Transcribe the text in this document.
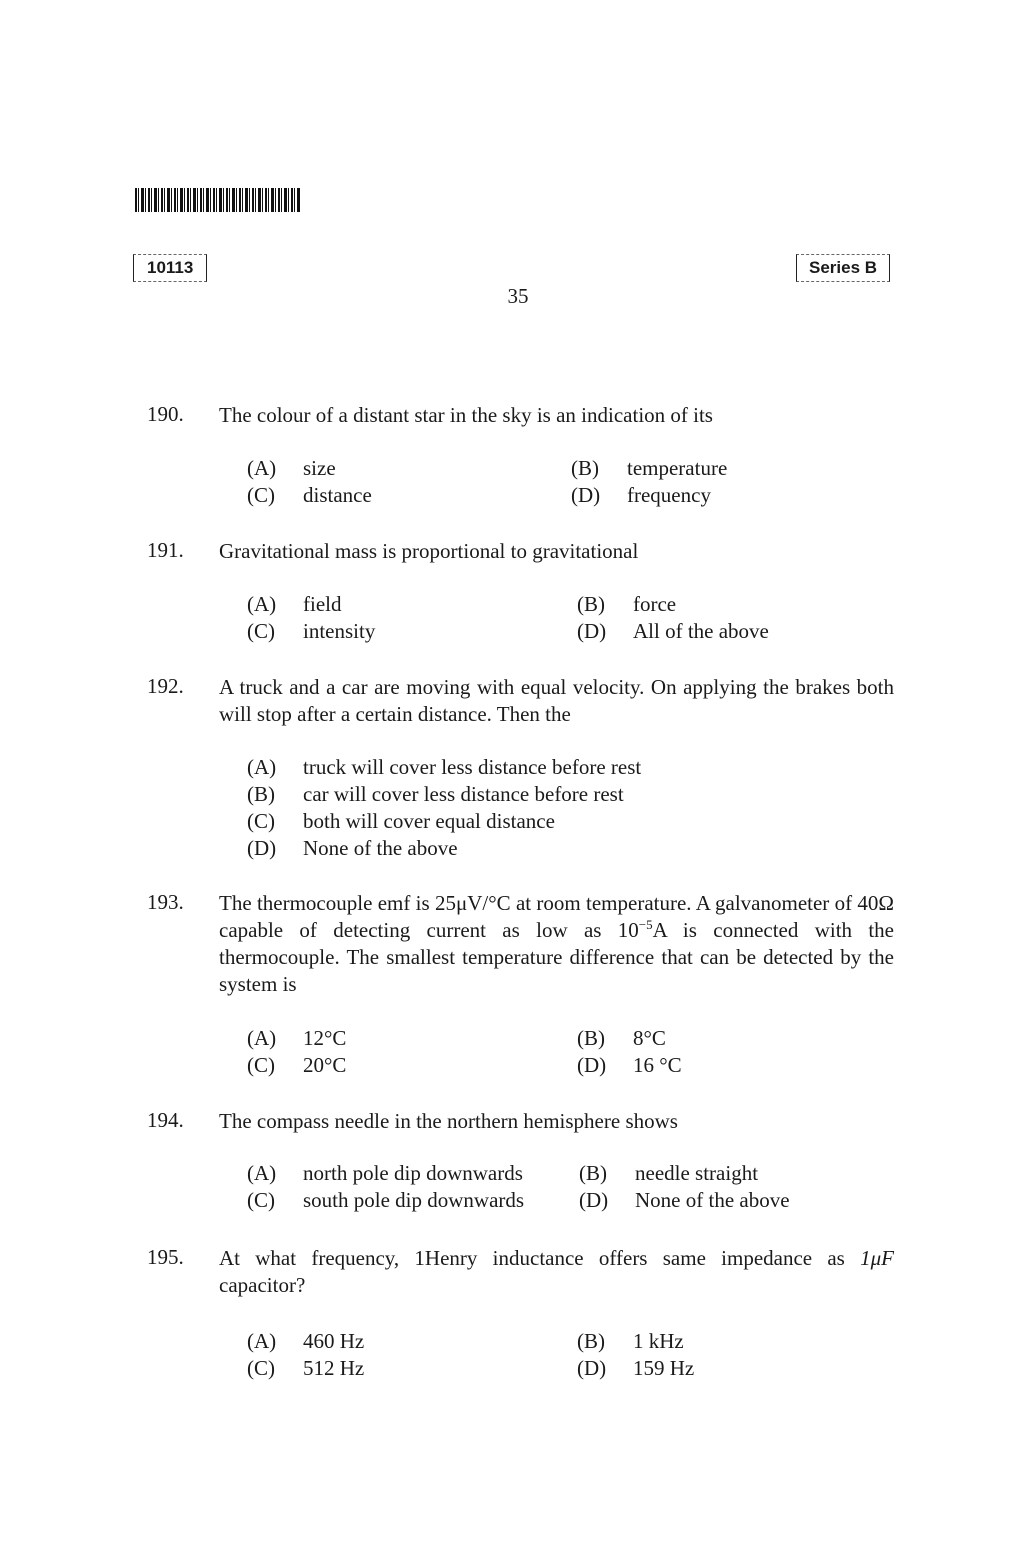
10113	Series B
35
190. The colour of a distant star in the sky is an indication of its
(A) size	(B) temperature
(C) distance	(D) frequency
191. Gravitational mass is proportional to gravitational
(A) field	(B) force
(C) intensity	(D) All of the above
192. A truck and a car are moving with equal velocity. On applying the brakes both will stop after a certain distance. Then the
(A) truck will cover less distance before rest
(B) car will cover less distance before rest
(C) both will cover equal distance
(D) None of the above
193. The thermocouple emf is 25μV/°C at room temperature. A galvanometer of 40Ω capable of detecting current as low as $10^{-5}A$ is connected with the thermocouple. The smallest temperature difference that can be detected by the system is
(A) 12°C	(B) 8°C
(C) 20°C	(D) 16 °C
194. The compass needle in the northern hemisphere shows
(A) north pole dip downwards	(B) needle straight
(C) south pole dip downwards	(D) None of the above
195. At what frequency, 1Henry inductance offers same impedance as 1μF capacitor?
(A) 460 Hz	(B) 1 kHz
(C) 512 Hz	(D) 159 Hz
